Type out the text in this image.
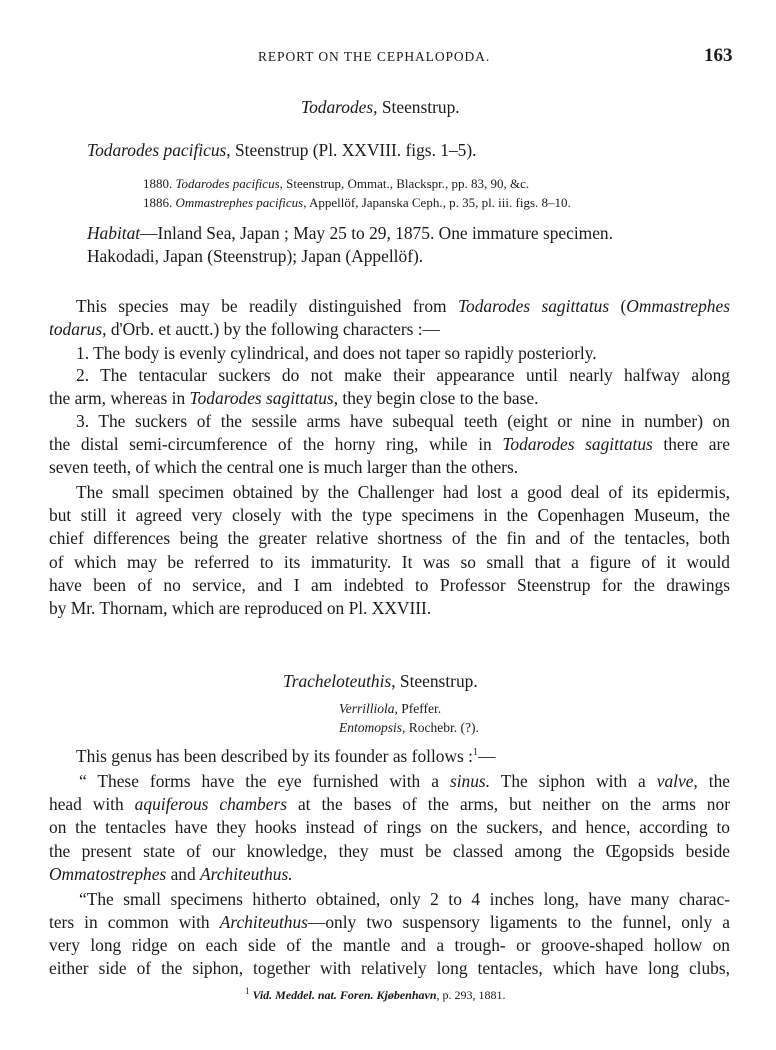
REPORT ON THE CEPHALOPODA.	163
Todarodes, Steenstrup.
Todarodes pacificus, Steenstrup (Pl. XXVIII. figs. 1–5).
1880. Todarodes pacificus, Steenstrup, Ommat., Blackspr., pp. 83, 90, &c.
1886. Ommastrephes pacificus, Appellöf, Japanska Ceph., p. 35, pl. iii. figs. 8–10.
Habitat—Inland Sea, Japan ; May 25 to 29, 1875. One immature specimen.
Hakodadi, Japan (Steenstrup); Japan (Appellöf).
This species may be readily distinguished from Todarodes sagittatus (Ommastrephes
todarus, d'Orb. et auctt.) by the following characters :—
1. The body is evenly cylindrical, and does not taper so rapidly posteriorly.
2. The tentacular suckers do not make their appearance until nearly halfway along
the arm, whereas in Todarodes sagittatus, they begin close to the base.
3. The suckers of the sessile arms have subequal teeth (eight or nine in number) on
the distal semi-circumference of the horny ring, while in Todarodes sagittatus there are
seven teeth, of which the central one is much larger than the others.
The small specimen obtained by the Challenger had lost a good deal of its epidermis,
but still it agreed very closely with the type specimens in the Copenhagen Museum, the
chief differences being the greater relative shortness of the fin and of the tentacles, both
of which may be referred to its immaturity. It was so small that a figure of it would
have been of no service, and I am indebted to Professor Steenstrup for the drawings
by Mr. Thornam, which are reproduced on Pl. XXVIII.
Tracheloteuthis, Steenstrup.
Verrilliola, Pfeffer.
Entomopsis, Rochebr. (?).
This genus has been described by its founder as follows :$^1$—
“ These forms have the eye furnished with a sinus. The siphon with a valve, the
head with aquiferous chambers at the bases of the arms, but neither on the arms nor
on the tentacles have they hooks instead of rings on the suckers, and hence, according to
the present state of our knowledge, they must be classed among the Œgopsids beside
Ommatostrephes and Architeuthus.
“The small specimens hitherto obtained, only 2 to 4 inches long, have many charac-
ters in common with Architeuthus—only two suspensory ligaments to the funnel, only a
very long ridge on each side of the mantle and a trough- or groove-shaped hollow on
either side of the siphon, together with relatively long tentacles, which have long clubs,
$^1$ Vid. Meddel. nat. Foren. Kjøbenhavn, p. 293, 1881.
